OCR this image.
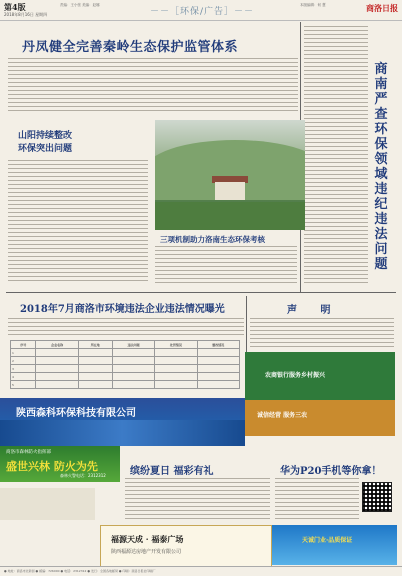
第4版
2018年8月16日 星期四
责编：王小张 美编：赵娜
－－［环保/广告］－－
本版编辑：何 慧	商洛日报
丹凤健全完善秦岭生态保护监管体系
商南严查环保领域违纪违法问题
山阳持续整改
环保突出问题
三项机制助力洛南生态环保考核
2018年7月商洛市环境违法企业违法情况曝光
序号	企业名称	所在地	违法问题	处罚情况	整改情况
1					
2					
3					
4					
5					
声 明
陕西森科环保科技有限公司
农商银行服务乡村振兴
诚信经营 服务三农
商洛市森林防火指挥部
盛世兴林 防火为先
森林火警电话：2312312 缤纷夏日 福彩有礼	华为P20手机等你拿！
福源天成 · 福泰广场
陕西福源达房地产开发有限公司
天诚门业·品质保证
● 地址：商洛市北新街 ● 邮编：726000 ● 电话：2312312 ● 发行：全国各地邮局 ● 印刷：商洛日报社印刷厂
